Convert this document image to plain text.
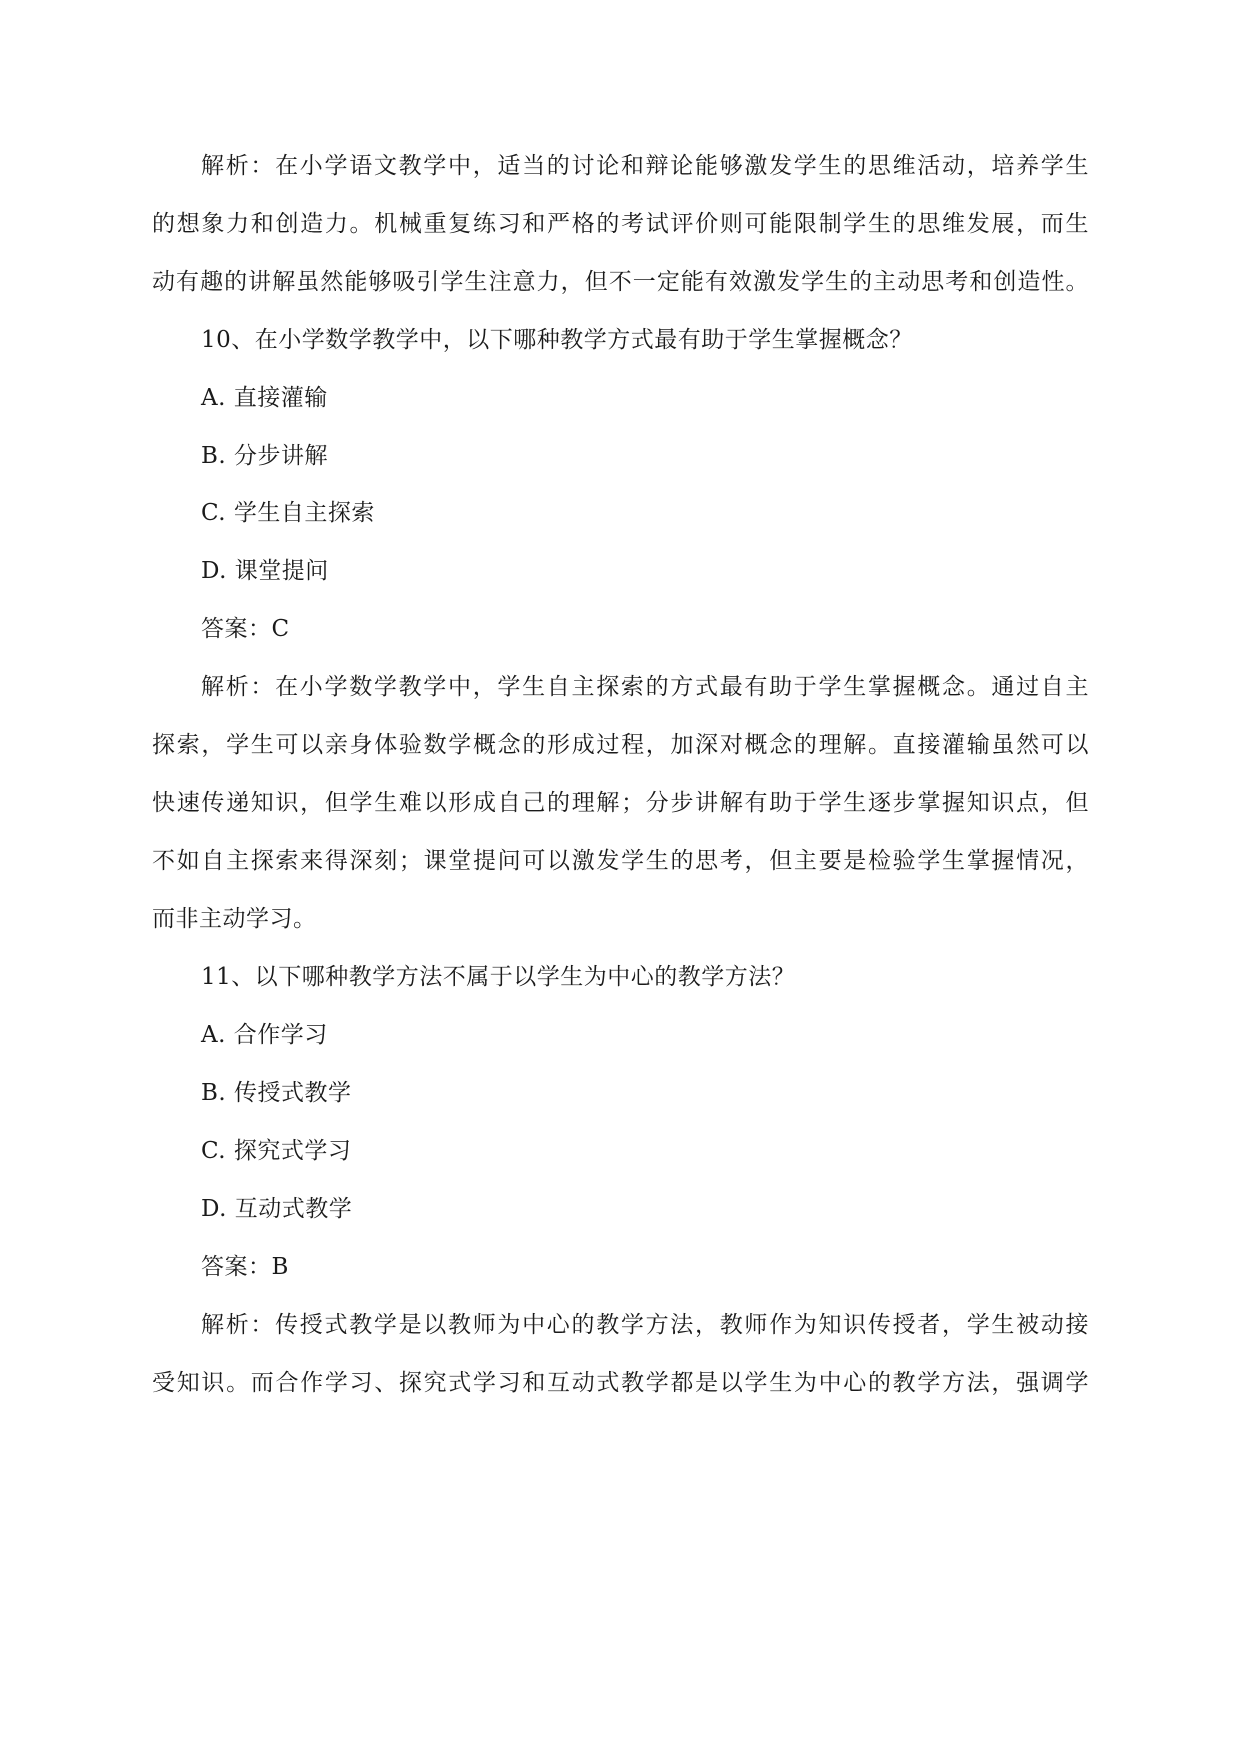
解析：在小学语文教学中，适当的讨论和辩论能够激发学生的思维活动，培养学生
的想象力和创造力。机械重复练习和严格的考试评价则可能限制学生的思维发展，而生
动有趣的讲解虽然能够吸引学生注意力，但不一定能有效激发学生的主动思考和创造性。
10、在小学数学教学中，以下哪种教学方式最有助于学生掌握概念？
A. 直接灌输
B. 分步讲解
C. 学生自主探索
D. 课堂提问
答案：C
解析：在小学数学教学中，学生自主探索的方式最有助于学生掌握概念。通过自主
探索，学生可以亲身体验数学概念的形成过程，加深对概念的理解。直接灌输虽然可以
快速传递知识，但学生难以形成自己的理解；分步讲解有助于学生逐步掌握知识点，但
不如自主探索来得深刻；课堂提问可以激发学生的思考，但主要是检验学生掌握情况，
而非主动学习。
11、以下哪种教学方法不属于以学生为中心的教学方法？
A. 合作学习
B. 传授式教学
C. 探究式学习
D. 互动式教学
答案：B
解析：传授式教学是以教师为中心的教学方法，教师作为知识传授者，学生被动接
受知识。而合作学习、探究式学习和互动式教学都是以学生为中心的教学方法，强调学
